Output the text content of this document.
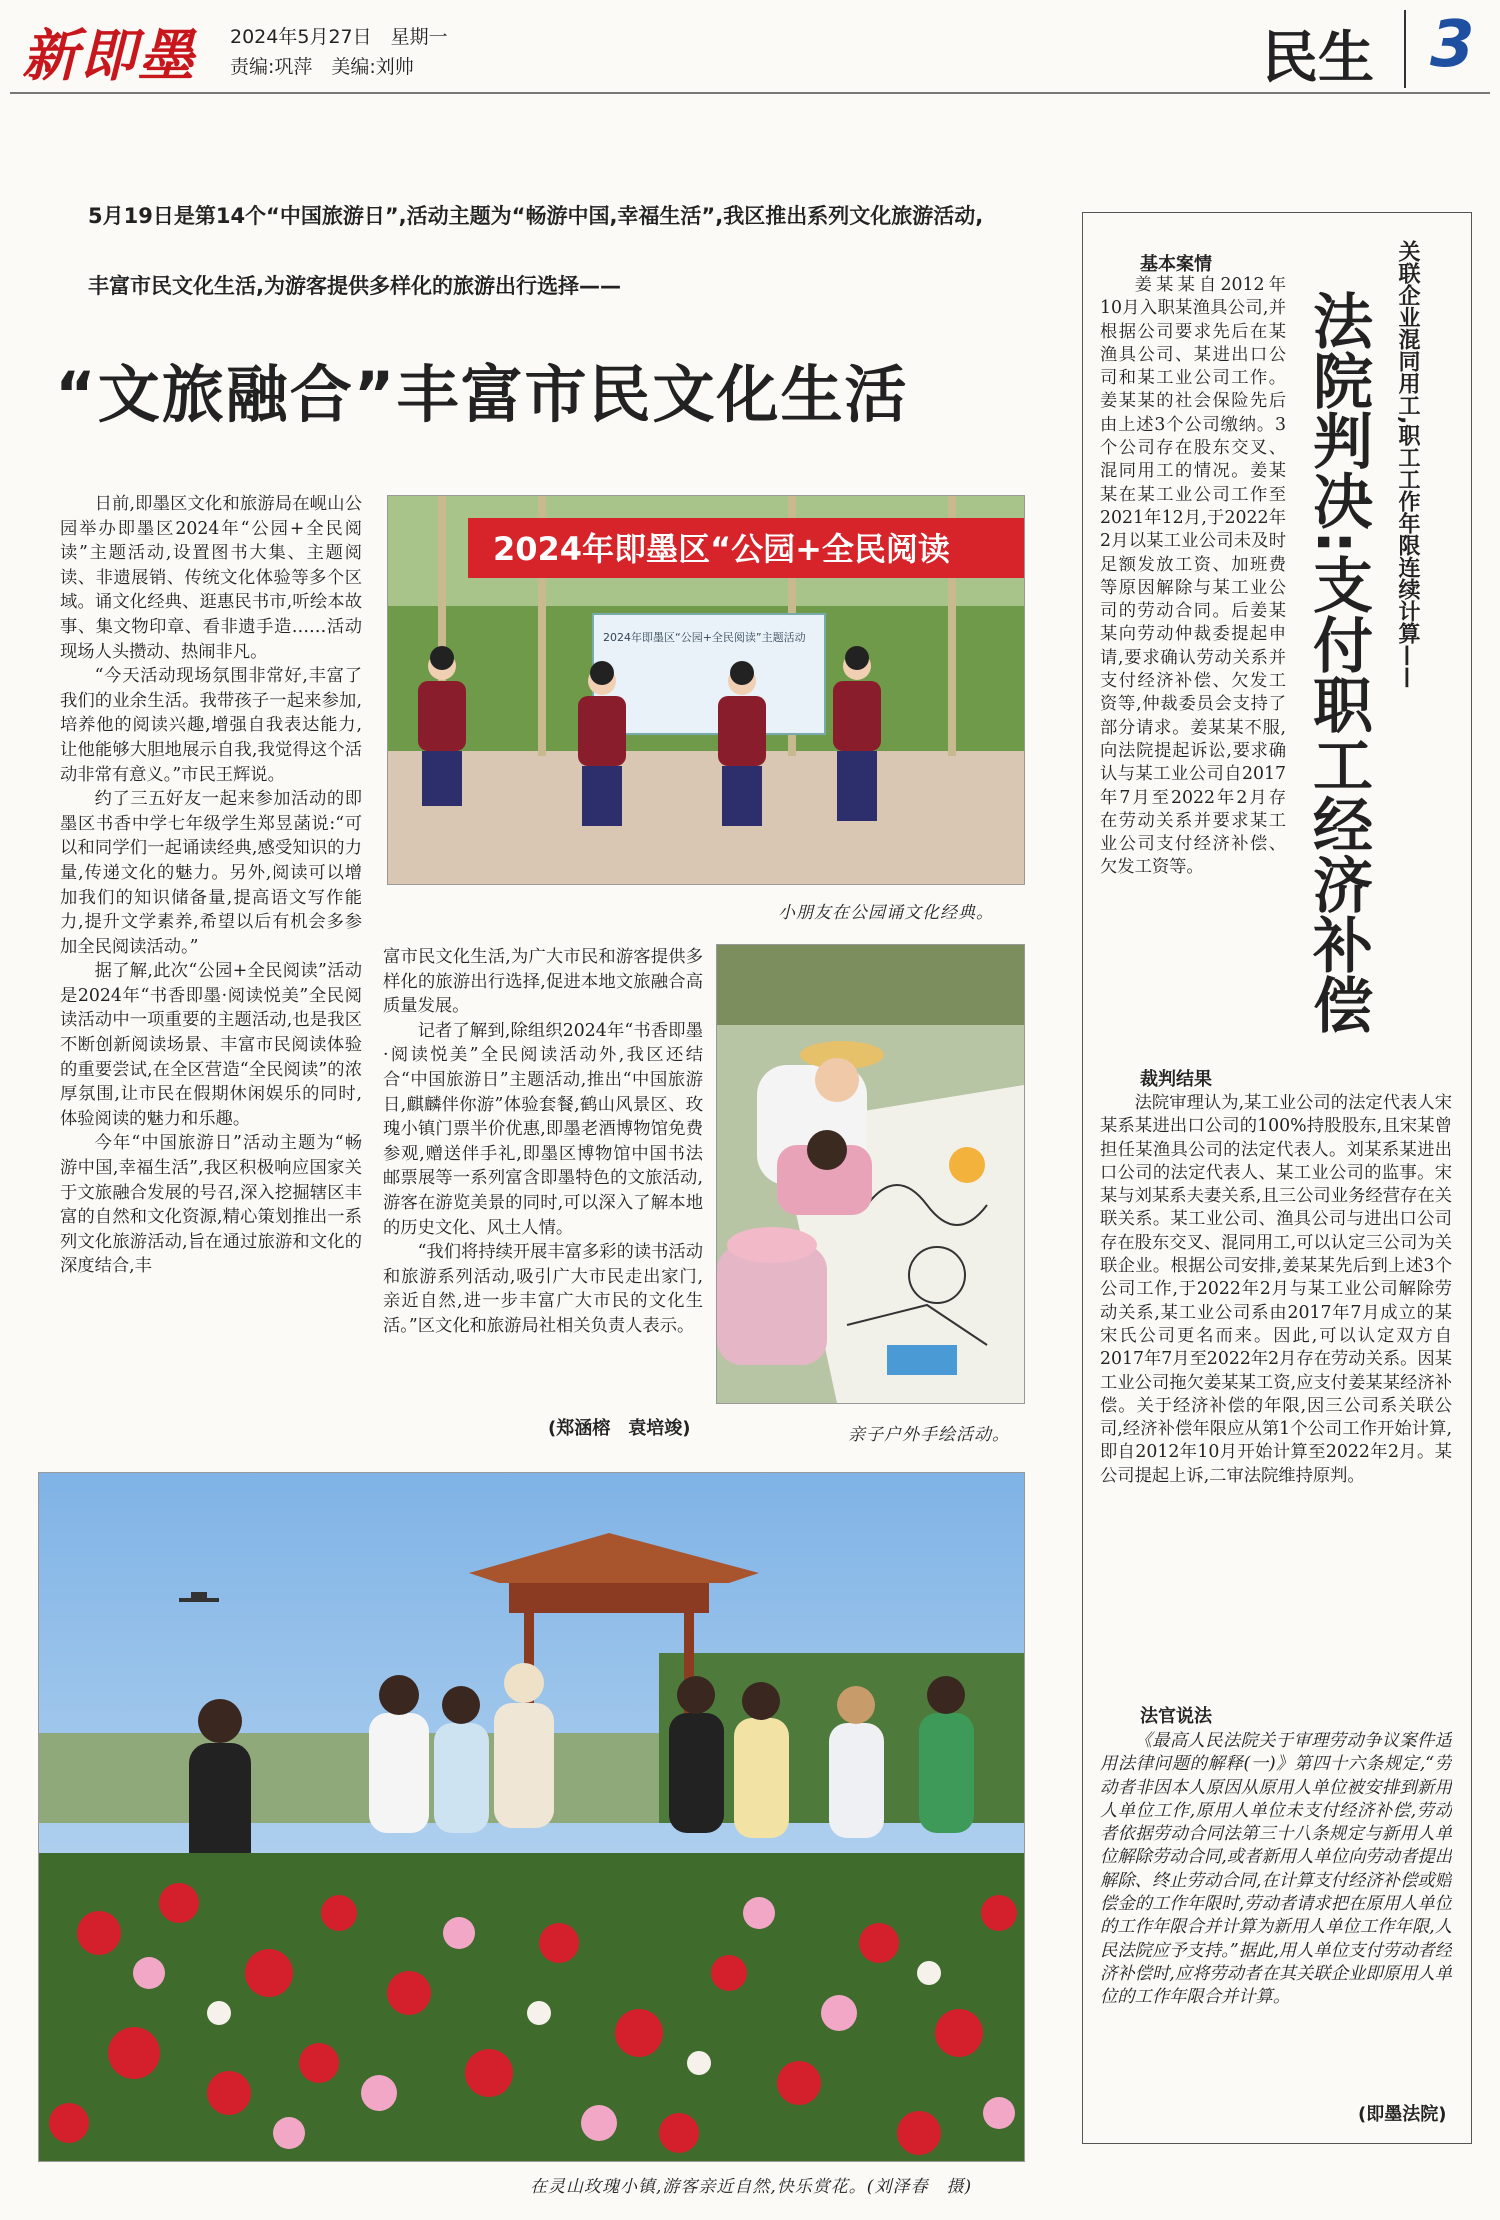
新即墨 2024年5月27日　星期一
责编:巩萍　美编:刘帅	民生 3
5月19日是第14个“中国旅游日”,活动主题为“畅游中国,幸福生活”,我区推出系列文化旅游活动,
丰富市民文化生活,为游客提供多样化的旅游出行选择——
“文旅融合”丰富市民文化生活

日前,即墨区文化和旅游局在岘山公园举办即墨区2024年“公园+全民阅读”主题活动,设置图书大集、主题阅读、非遗展销、传统文化体验等多个区域。诵文化经典、逛惠民书市,听绘本故事、集文物印章、看非遗手造……活动现场人头攒动、热闹非凡。

“今天活动现场氛围非常好,丰富了我们的业余生活。我带孩子一起来参加,培养他的阅读兴趣,增强自我表达能力,让他能够大胆地展示自我,我觉得这个活动非常有意义。”市民王辉说。

约了三五好友一起来参加活动的即墨区书香中学七年级学生郑昱菡说:“可以和同学们一起诵读经典,感受知识的力量,传递文化的魅力。另外,阅读可以增加我们的知识储备量,提高语文写作能力,提升文学素养,希望以后有机会多参加全民阅读活动。”

据了解,此次“公园+全民阅读”活动是2024年“书香即墨·阅读悦美”全民阅读活动中一项重要的主题活动,也是我区不断创新阅读场景、丰富市民阅读体验的重要尝试,在全区营造“全民阅读”的浓厚氛围,让市民在假期休闲娱乐的同时,体验阅读的魅力和乐趣。

今年“中国旅游日”活动主题为“畅游中国,幸福生活”,我区积极响应国家关于文旅融合发展的号召,深入挖掘辖区丰富的自然和文化资源,精心策划推出一系列文化旅游活动,旨在通过旅游和文化的深度结合,丰

2024年即墨区“公园+全民阅读
2024年即墨区“公园+全民阅读”主题活动
小朋友在公园诵文化经典。

富市民文化生活,为广大市民和游客提供多样化的旅游出行选择,促进本地文旅融合高质量发展。

记者了解到,除组织2024年“书香即墨·阅读悦美”全民阅读活动外,我区还结合“中国旅游日”主题活动,推出“中国旅游日,麒麟伴你游”体验套餐,鹤山风景区、玫瑰小镇门票半价优惠,即墨老酒博物馆免费参观,赠送伴手礼,即墨区博物馆中国书法邮票展等一系列富含即墨特色的文旅活动,游客在游览美景的同时,可以深入了解本地的历史文化、风土人情。

“我们将持续开展丰富多彩的读书活动和旅游系列活动,吸引广大市民走出家门,亲近自然,进一步丰富广大市民的文化生活。”区文化和旅游局社相关负责人表示。

(郑涵榕　袁培竣)	亲子户外手绘活动。
在灵山玫瑰小镇,游客亲近自然,快乐赏花。(刘泽春　摄)
关联企业混同用工,职工工作年限连续计算——
法院判决:支付职工经济补偿
基本案情

姜某某自2012年10月入职某渔具公司,并根据公司要求先后在某渔具公司、某进出口公司和某工业公司工作。姜某某的社会保险先后由上述3个公司缴纳。3个公司存在股东交叉、混同用工的情况。姜某某在某工业公司工作至2021年12月,于2022年2月以某工业公司未及时足额发放工资、加班费等原因解除与某工业公司的劳动合同。后姜某某向劳动仲裁委提起申请,要求确认劳动关系并支付经济补偿、欠发工资等,仲裁委员会支持了部分请求。姜某某不服,向法院提起诉讼,要求确认与某工业公司自2017年7月至2022年2月存在劳动关系并要求某工业公司支付经济补偿、欠发工资等。

裁判结果

法院审理认为,某工业公司的法定代表人宋某系某进出口公司的100%持股股东,且宋某曾担任某渔具公司的法定代表人。刘某系某进出口公司的法定代表人、某工业公司的监事。宋某与刘某系夫妻关系,且三公司业务经营存在关联关系。某工业公司、渔具公司与进出口公司存在股东交叉、混同用工,可以认定三公司为关联企业。根据公司安排,姜某某先后到上述3个公司工作,于2022年2月与某工业公司解除劳动关系,某工业公司系由2017年7月成立的某宋氏公司更名而来。因此,可以认定双方自2017年7月至2022年2月存在劳动关系。因某工业公司拖欠姜某某工资,应支付姜某某经济补偿。关于经济补偿的年限,因三公司系关联公司,经济补偿年限应从第1个公司工作开始计算,即自2012年10月开始计算至2022年2月。某公司提起上诉,二审法院维持原判。

法官说法

《最高人民法院关于审理劳动争议案件适用法律问题的解释(一)》第四十六条规定,“劳动者非因本人原因从原用人单位被安排到新用人单位工作,原用人单位未支付经济补偿,劳动者依据劳动合同法第三十八条规定与新用人单位解除劳动合同,或者新用人单位向劳动者提出解除、终止劳动合同,在计算支付经济补偿或赔偿金的工作年限时,劳动者请求把在原用人单位的工作年限合并计算为新用人单位工作年限,人民法院应予支持。”据此,用人单位支付劳动者经济补偿时,应将劳动者在其关联企业即原用人单位的工作年限合并计算。

(即墨法院)
